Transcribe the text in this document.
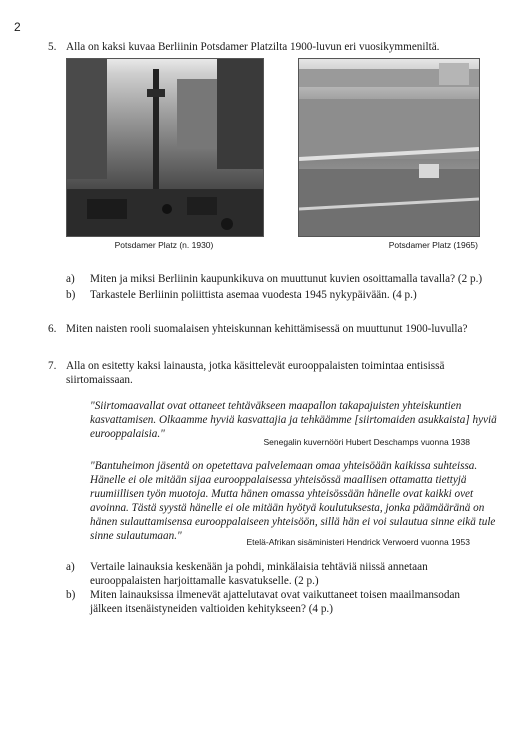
2
5. Alla on kaksi kuvaa Berliinin Potsdamer Platzilta 1900-luvun eri vuosikymmeniltä.
Potsdamer Platz (n. 1930)	Potsdamer Platz (1965)
a) Miten ja miksi Berliinin kaupunkikuva on muuttunut kuvien osoittamalla tavalla? (2 p.)
b) Tarkastele Berliinin poliittista asemaa vuodesta 1945 nykypäivään. (4 p.)
6. Miten naisten rooli suomalaisen yhteiskunnan kehittämisessä on muuttunut 1900-luvulla?
7. Alla on esitetty kaksi lainausta, jotka käsittelevät eurooppalaisten toimintaa entisissä
siirtomaissaan.
"Siirtomaavallat ovat ottaneet tehtäväkseen maapallon takapajuisten yhteiskuntien
kasvattamisen. Olkaamme hyviä kasvattajia ja tehkäämme [siirtomaiden asukkaista] hyviä
eurooppalaisia."
Senegalin kuvernööri Hubert Deschamps vuonna 1938
"Bantuheimon jäsentä on opetettava palvelemaan omaa yhteisöään kaikissa suhteissa.
Hänelle ei ole mitään sijaa eurooppalaisessa yhteisössä maallisen ottamatta tiettyjä
ruumiillisen työn muotoja. Mutta hänen omassa yhteisössään hänelle ovat kaikki ovet
avoinna. Tästä syystä hänelle ei ole mitään hyötyä koulutuksesta, jonka päämääränä on
hänen sulauttamisensa eurooppalaiseen yhteisöön, sillä hän ei voi sulautua sinne eikä tule
sinne sulautumaan."	Etelä-Afrikan sisäministeri Hendrick Verwoerd vuonna 1953
a) Vertaile lainauksia keskenään ja pohdi, minkälaisia tehtäviä niissä annetaan
eurooppalaisten harjoittamalle kasvatukselle. (2 p.)
b) Miten lainauksissa ilmenevät ajattelutavat ovat vaikuttaneet toisen maailmansodan
jälkeen itsenäistyneiden valtioiden kehitykseen? (4 p.)
